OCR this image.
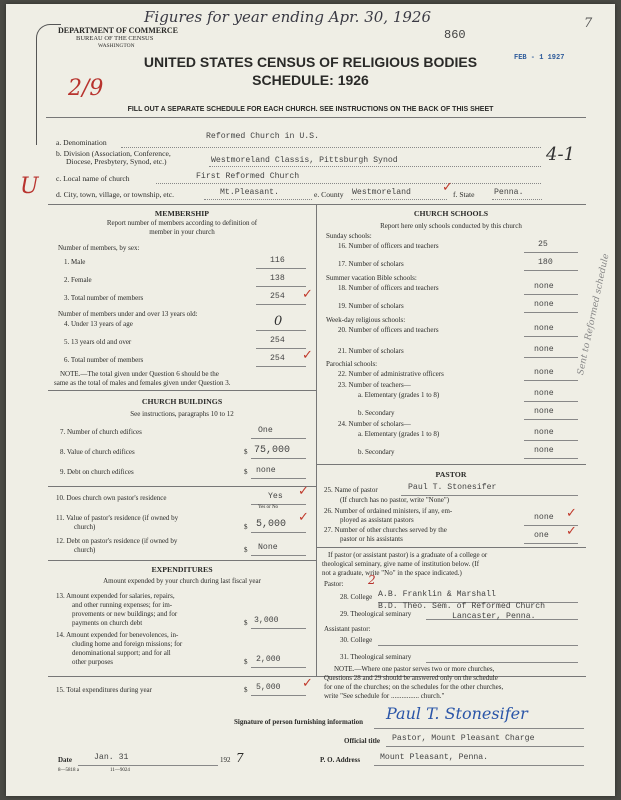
Figures for year ending Apr. 30, 1926	7
860
FEB - 1 1927
2/9
U
4-1
Sent to Reformed schedule
DEPARTMENT OF COMMERCE
BUREAU OF THE CENSUS
WASHINGTON
UNITED STATES CENSUS OF RELIGIOUS BODIES
SCHEDULE: 1926
FILL OUT A SEPARATE SCHEDULE FOR EACH CHURCH. SEE INSTRUCTIONS ON THE BACK OF THIS SHEET
a. Denomination
Reformed Church in U.S.
b. Division (Association, Conference,
Diocese, Presbytery, Synod, etc.)	Westmoreland Classis, Pittsburgh Synod
c. Local name of church	First Reformed Church
d. City, town, village, or township, etc.	Mt.Pleasant.	e. County Westmoreland	f. State Penna.
✓
MEMBERSHIP
Report number of members according to definition of
member in your church
Number of members, by sex:
1. Male	116
2. Female	138
3. Total number of members	254 ✓
Number of members under and over 13 years old:
4. Under 13 years of age	0
5. 13 years old and over	254
6. Total number of members	254 ✓
NOTE.—The total given under Question 6 should be the
same as the total of males and females given under Question 3.
CHURCH BUILDINGS
See instructions, paragraphs 10 to 12
7. Number of church edifices	One
8. Value of church edifices	$ 75,000
9. Debt on church edifices	$ none
10. Does church own pastor's residence	Yes
Yes or No
✓
11. Value of pastor's residence (if owned by
church)	$ 5,000 ✓
12. Debt on pastor's residence (if owned by
church)	$ None
EXPENDITURES
Amount expended by your church during last fiscal year
13. Amount expended for salaries, repairs,
and other running expenses; for im-
provements or new buildings; and for
payments on church debt	$ 3,000
14. Amount expended for benevolences, in-
cluding home and foreign missions; for
denominational support; and for all
other purposes	$ 2,000
15. Total expenditures during year	$ 5,000 ✓
CHURCH SCHOOLS
Report here only schools conducted by this church
Sunday schools:
16. Number of officers and teachers	25
17. Number of scholars	180
Summer vacation Bible schools:
18. Number of officers and teachers	none
19. Number of scholars	none
Week-day religious schools:
20. Number of officers and teachers	none
21. Number of scholars	none
Parochial schools:
22. Number of administrative officers	none
23. Number of teachers—
a. Elementary (grades 1 to 8)	none
b. Secondary	none
24. Number of scholars—
a. Elementary (grades 1 to 8)	none
b. Secondary	none
PASTOR
25. Name of pastor	Paul T. Stonesifer
(If church has no pastor, write "None")
26. Number of ordained ministers, if any, em-
ployed as assistant pastors	none ✓
27. Number of other churches served by the
pastor or his assistants	one ✓
If pastor (or assistant pastor) is a graduate of a college or
theological seminary, give name of institution below. (If
not a graduate, write "No" in the space indicated.)
Pastor: 2
28. College A.B. Franklin & Marshall
29. Theological seminary
B.D. Theo. Sem. of Reformed Church
Lancaster, Penna.
Assistant pastor:
30. College
31. Theological seminary
NOTE.—Where one pastor serves two or more churches,
Questions 28 and 29 should be answered only on the schedule
for one of the churches; on the schedules for the other churches,
write "See schedule for ................ church."
Signature of person furnishing information Paul T. Stonesifer
Official title Pastor, Mount Pleasant Charge
Date	Jan. 31	192 7	P. O. Address Mount Pleasant, Penna.
8—5818 a	11—9024
